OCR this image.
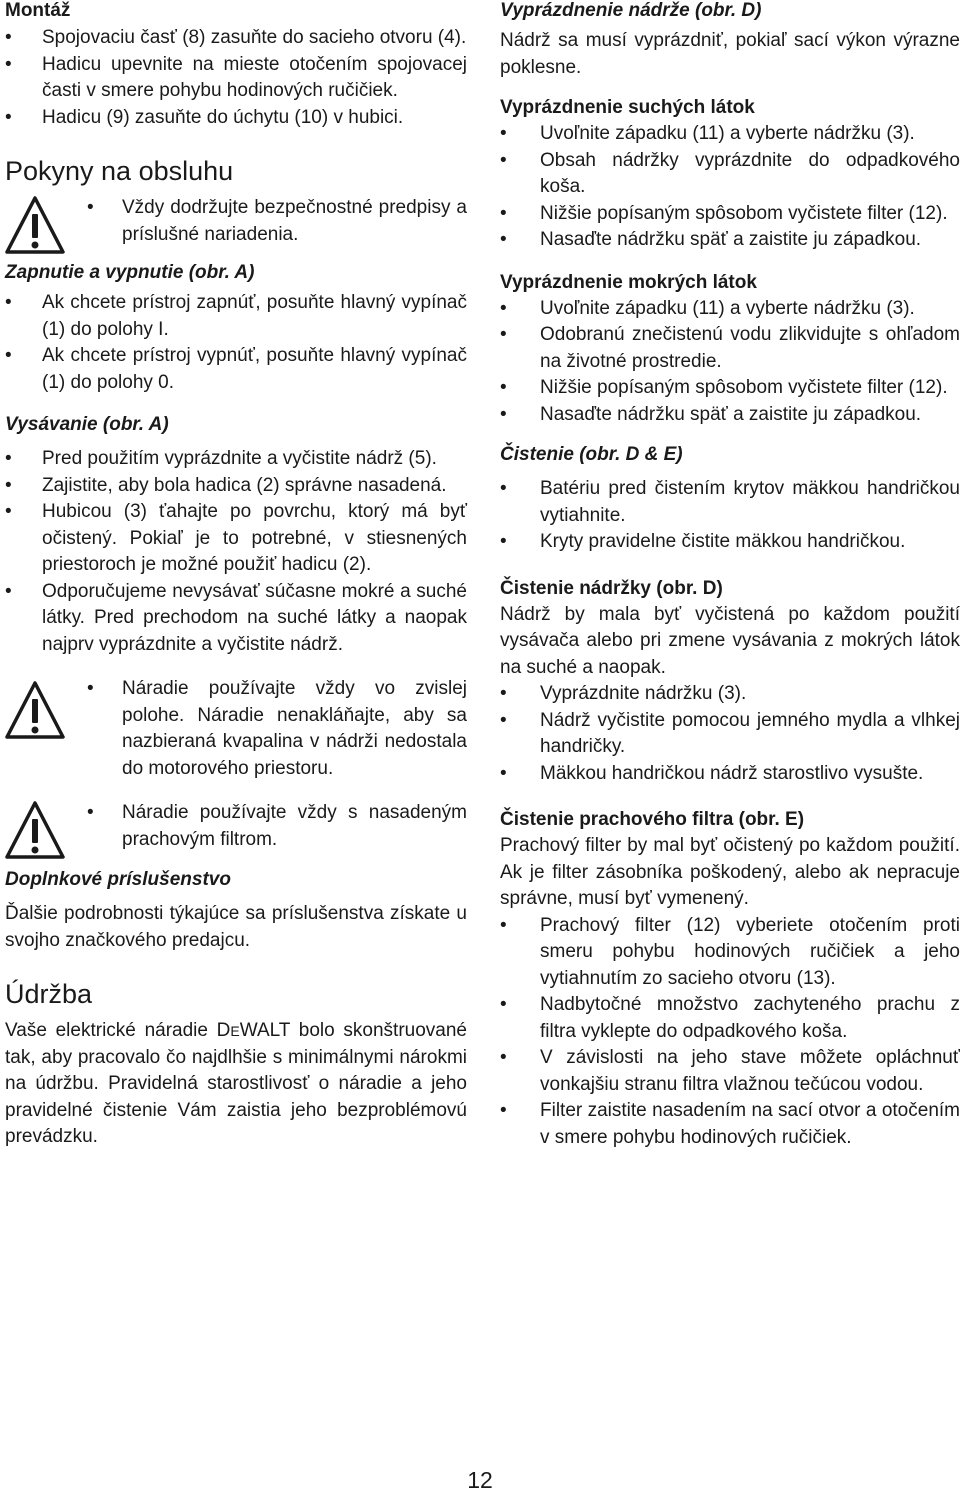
Montáž
• Spojovaciu časť (8) zasuňte do sacieho otvoru (4).
• Hadicu upevnite na mieste otočením spojovacej časti v smere pohybu hodinových ručičiek.
• Hadicu (9) zasuňte do úchytu (10) v hubici.
Pokyny na obsluhu
• Vždy dodržujte bezpečnostné predpisy a príslušné nariadenia.
Zapnutie a vypnutie (obr. A)
• Ak chcete prístroj zapnúť, posuňte hlavný vypínač (1) do polohy I.
• Ak chcete prístroj vypnúť, posuňte hlavný vypínač (1) do polohy 0.
Vysávanie (obr. A)
• Pred použitím vyprázdnite a vyčistite nádrž (5).
• Zajistite, aby bola hadica (2) správne nasadená.
• Hubicou (3) ťahajte po povrchu, ktorý má byť očistený. Pokiaľ je to potrebné, v stiesnených priestoroch je možné použiť hadicu (2).
• Odporučujeme nevysávať súčasne mokré a suché látky. Pred prechodom na suché látky a naopak najprv vyprázdnite a vyčistite nádrž.
• Náradie používajte vždy vo zvislej polohe. Náradie nenakláňajte, aby sa nazbieraná kvapalina v nádrži nedostala do motorového priestoru.
• Náradie používajte vždy s nasadeným prachovým filtrom.
Doplnkové príslušenstvo

Ďalšie podrobnosti týkajúce sa príslušenstva získate u svojho značkového predajcu.

Údržba

Vaše elektrické náradie DEWALT bolo skonštruované tak, aby pracovalo čo najdlhšie s minimálnymi nárokmi na údržbu. Pravidelná starostlivosť o náradie a jeho pravidelné čistenie Vám zaistia jeho bezproblémovú prevádzku.

Vyprázdnenie nádrže (obr. D)

Nádrž sa musí vyprázdniť, pokiaľ sací výkon výrazne poklesne.

Vyprázdnenie suchých látok
• Uvoľnite západku (11) a vyberte nádržku (3).
• Obsah nádržky vyprázdnite do odpadkového koša.
• Nižšie popísaným spôsobom vyčistete filter (12).
• Nasaďte nádržku späť a zaistite ju západkou.
Vyprázdnenie mokrých látok
• Uvoľnite západku (11) a vyberte nádržku (3).
• Odobranú znečistenú vodu zlikvidujte s ohľadom na životné prostredie.
• Nižšie popísaným spôsobom vyčistete filter (12).
• Nasaďte nádržku späť a zaistite ju západkou.
Čistenie (obr. D & E)
• Batériu pred čistením krytov mäkkou handričkou vytiahnite.
• Kryty pravidelne čistite mäkkou handričkou.
Čistenie nádržky (obr. D)

Nádrž by mala byť vyčistená po každom použití vysávača alebo pri zmene vysávania z mokrých látok na suché a naopak.

• Vyprázdnite nádržku (3).
• Nádrž vyčistite pomocou jemného mydla a vlhkej handričky.
• Mäkkou handričkou nádrž starostlivo vysušte.
Čistenie prachového filtra (obr. E)

Prachový filter by mal byť očistený po každom použití. Ak je filter zásobníka poškodený, alebo ak nepracuje správne, musí byť vymenený.

• Prachový filter (12) vyberiete otočením proti smeru pohybu hodinových ručičiek a jeho vytiahnutím zo sacieho otvoru (13).
• Nadbytočné množstvo zachyteného prachu z filtra vyklepte do odpadkového koša.
• V závislosti na jeho stave môžete opláchnuť vonkajšiu stranu filtra vlažnou tečúcou vodou.
• Filter zaistite nasadením na sací otvor a otočením v smere pohybu hodinových ručičiek.
12
